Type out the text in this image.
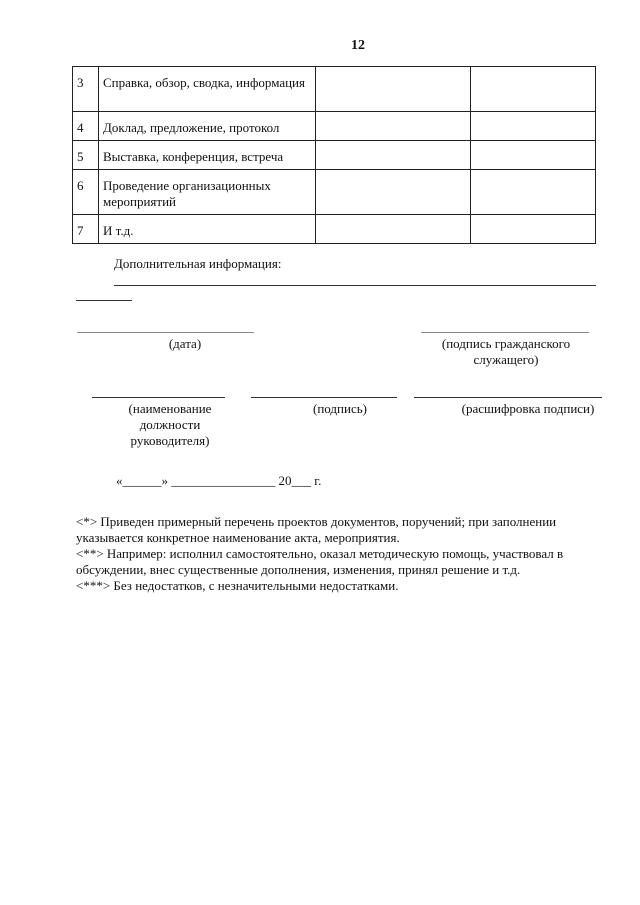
12
3	Справка, обзор, сводка, информация		
4	Доклад, предложение, протокол		
5	Выставка, конференция, встреча		
6	Проведение организационных мероприятий		
7	И т.д.		
Дополнительная информация:
(дата)	(подпись гражданского служащего)
(наименование должности руководителя)
(подпись)	(расшифровка подписи)
«______» ________________ 20___ г.
<*> Приведен примерный перечень проектов документов, поручений; при заполнении указывается конкретное наименование акта, мероприятия.
<**> Например: исполнил самостоятельно, оказал методическую помощь, участвовал в обсуждении, внес существенные дополнения, изменения, принял решение и т.д.
<***> Без недостатков, с незначительными недостатками.
